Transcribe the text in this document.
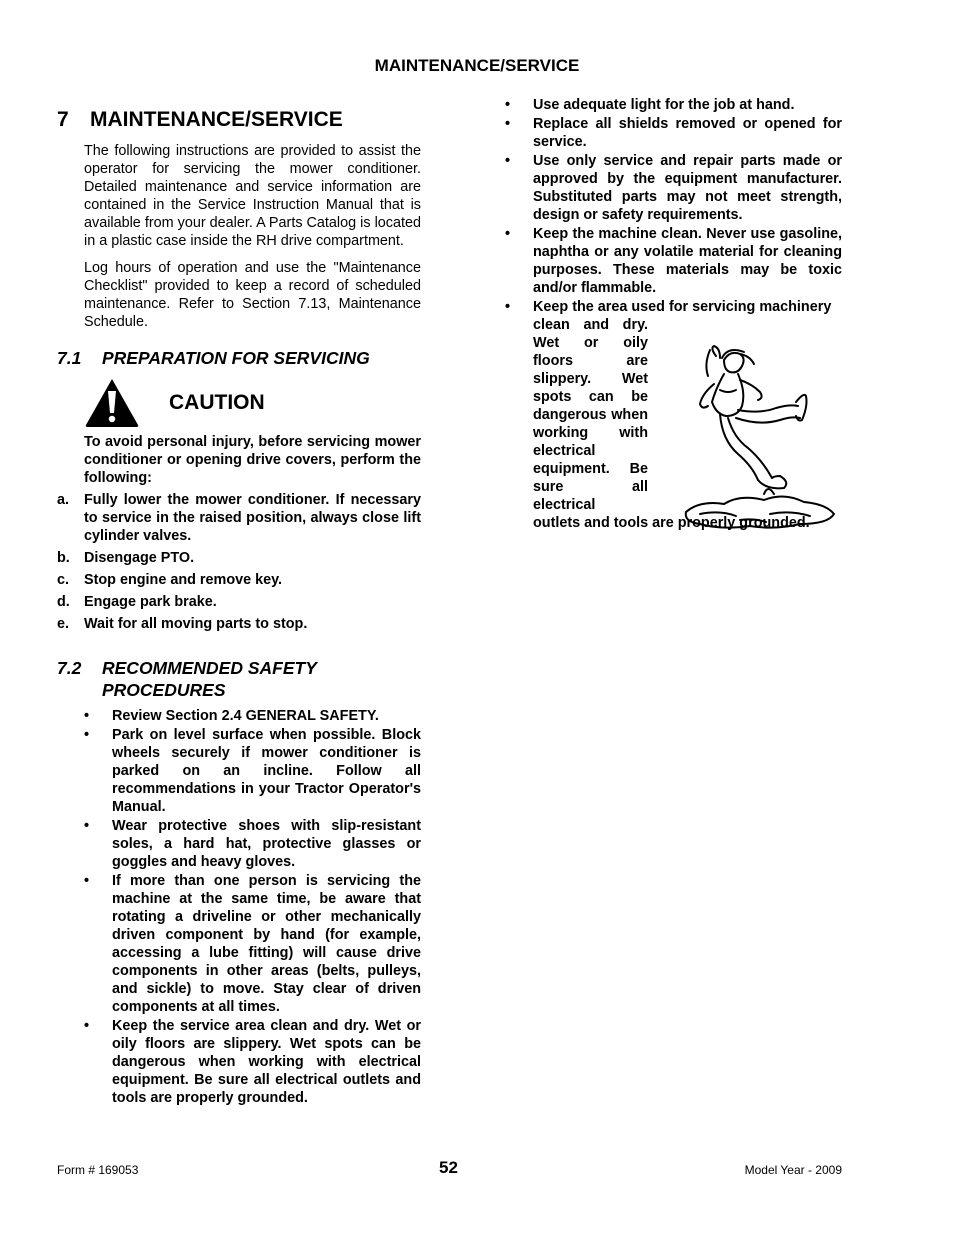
MAINTENANCE/SERVICE
7	MAINTENANCE/SERVICE
The following instructions are provided to assist the operator for servicing the mower conditioner. Detailed maintenance and service information are contained in the Service Instruction Manual that is available from your dealer. A Parts Catalog is located in a plastic case inside the RH drive compartment.
Log hours of operation and use the "Maintenance Checklist" provided to keep a record of scheduled maintenance. Refer to Section 7.13, Maintenance Schedule.
7.1	PREPARATION FOR SERVICING
CAUTION
To avoid personal injury, before servicing mower conditioner or opening drive covers, perform the following:
a.	Fully lower the mower conditioner. If necessary to service in the raised position, always close lift cylinder valves.
b. Disengage PTO.
c.	Stop engine and remove key.
d. Engage park brake.
e.	Wait for all moving parts to stop.
7.2	RECOMMENDED SAFETY PROCEDURES
•	Review Section 2.4 GENERAL SAFETY.
•	Park on level surface when possible. Block wheels securely if mower conditioner is parked on an incline. Follow all recommendations in your Tractor Operator's Manual.
•	Wear protective shoes with slip-resistant soles, a hard hat, protective glasses or goggles and heavy gloves.
•	If more than one person is servicing the machine at the same time, be aware that rotating a driveline or other mechanically driven component by hand (for example, accessing a lube fitting) will cause drive components in other areas (belts, pulleys, and sickle) to move. Stay clear of driven components at all times.
•	Keep the service area clean and dry. Wet or oily floors are slippery. Wet spots can be dangerous when working with electrical equipment. Be sure all electrical outlets and tools are properly grounded.
•	Use adequate light for the job at hand.
•	Replace all shields removed or opened for service.
•	Use only service and repair parts made or approved by the equipment manufacturer. Substituted parts may not meet strength, design or safety requirements.
•	Keep the machine clean. Never use gasoline, naphtha or any volatile material for cleaning purposes. These materials may be toxic and/or flammable.
•	Keep the area used for servicing machinery
clean and dry. Wet or oily floors are slippery. Wet spots can be dangerous when working with electrical equipment. Be sure all electrical
outlets and tools are properly grounded.
Form # 169053	52	Model Year - 2009
